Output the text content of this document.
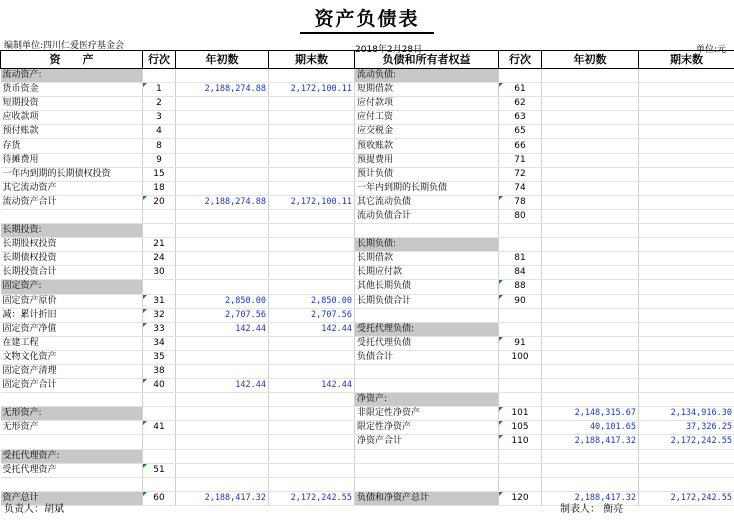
资产负债表
编制单位:四川仁爱医疗基金会	2018年2月28日	单位:元
资　　产	行次	年初数	期末数	负债和所有者权益	行次	年初数	期末数
流动资产:				流动负债:			
货币资金	1	2,188,274.88	2,172,100.11	短期借款	61		
短期投资	2			应付款项	62		
应收款项	3			应付工资	63		
预付账款	4			应交税金	65		
存货	8			预收账款	66		
待摊费用	9			预提费用	71		
一年内到期的长期债权投资	15			预计负债	72		
其它流动资产	18			一年内到期的长期负债	74		
流动资产合计	20	2,188,274.88	2,172,100.11	其它流动负债	78		
				流动负债合计	80		
长期投资:							
长期股权投资	21			长期负债:			
长期债权投资	24			长期借款	81		
长期投资合计	30			长期应付款	84		
固定资产:				其他长期负债	88		
固定资产原价	31	2,850.00	2,850.00	长期负债合计	90		
减：累计折旧	32	2,707.56	2,707.56				
固定资产净值	33	142.44	142.44	受托代理负债:			
在建工程	34			受托代理负债	91		
文物文化资产	35			负债合计	100		
固定资产清理	38						
固定资产合计	40	142.44	142.44				
				净资产:			
无形资产:				非限定性净资产	101	2,148,315.67	2,134,916.30
无形资产	41			限定性净资产	105	40,101.65	37,326.25
				净资产合计	110	2,188,417.32	2,172,242.55
受托代理资产:							
受托代理资产	51						

资产总计	60	2,188,417.32	2,172,242.55	负债和净资产总计	120	2,188,417.32	2,172,242.55
负责人：胡斌	制表人： 衡亮
